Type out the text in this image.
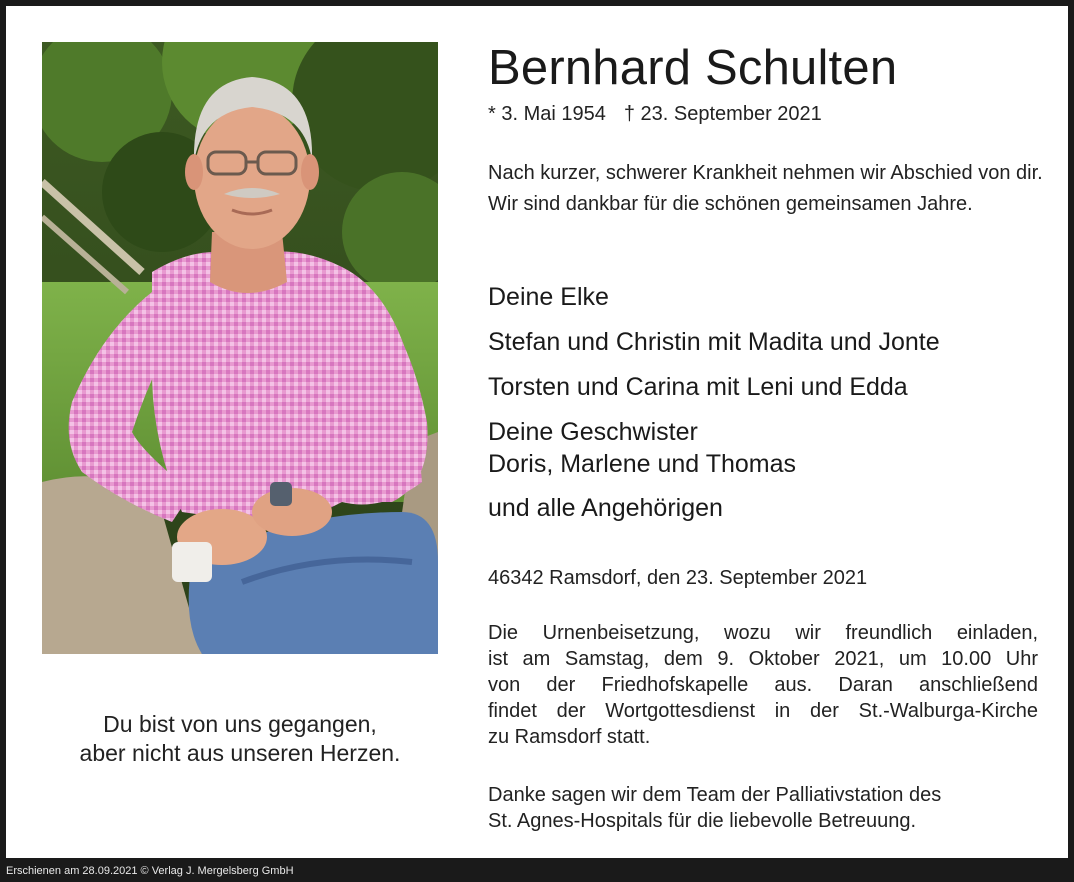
Du bist von uns gegangen,
aber nicht aus unseren Herzen.
Bernhard Schulten
* 3. Mai 1954 † 23. September 2021

Nach kurzer, schwerer Krankheit nehmen wir Abschied von dir.

Wir sind dankbar für die schönen gemeinsamen Jahre.

Deine Elke
Stefan und Christin mit Madita und Jonte
Torsten und Carina mit Leni und Edda
Deine Geschwister
Doris, Marlene und Thomas
und alle Angehörigen
46342 Ramsdorf, den 23. September 2021
Die Urnenbeisetzung, wozu wir freundlich einladen,
ist am Samstag, dem 9. Oktober 2021, um 10.00 Uhr
von der Friedhofskapelle aus. Daran anschließend
findet der Wortgottesdienst in der St.-Walburga-Kirche
zu Ramsdorf statt.
Danke sagen wir dem Team der Palliativstation des
St. Agnes-Hospitals für die liebevolle Betreuung.
Erschienen am 28.09.2021 © Verlag J. Mergelsberg GmbH
